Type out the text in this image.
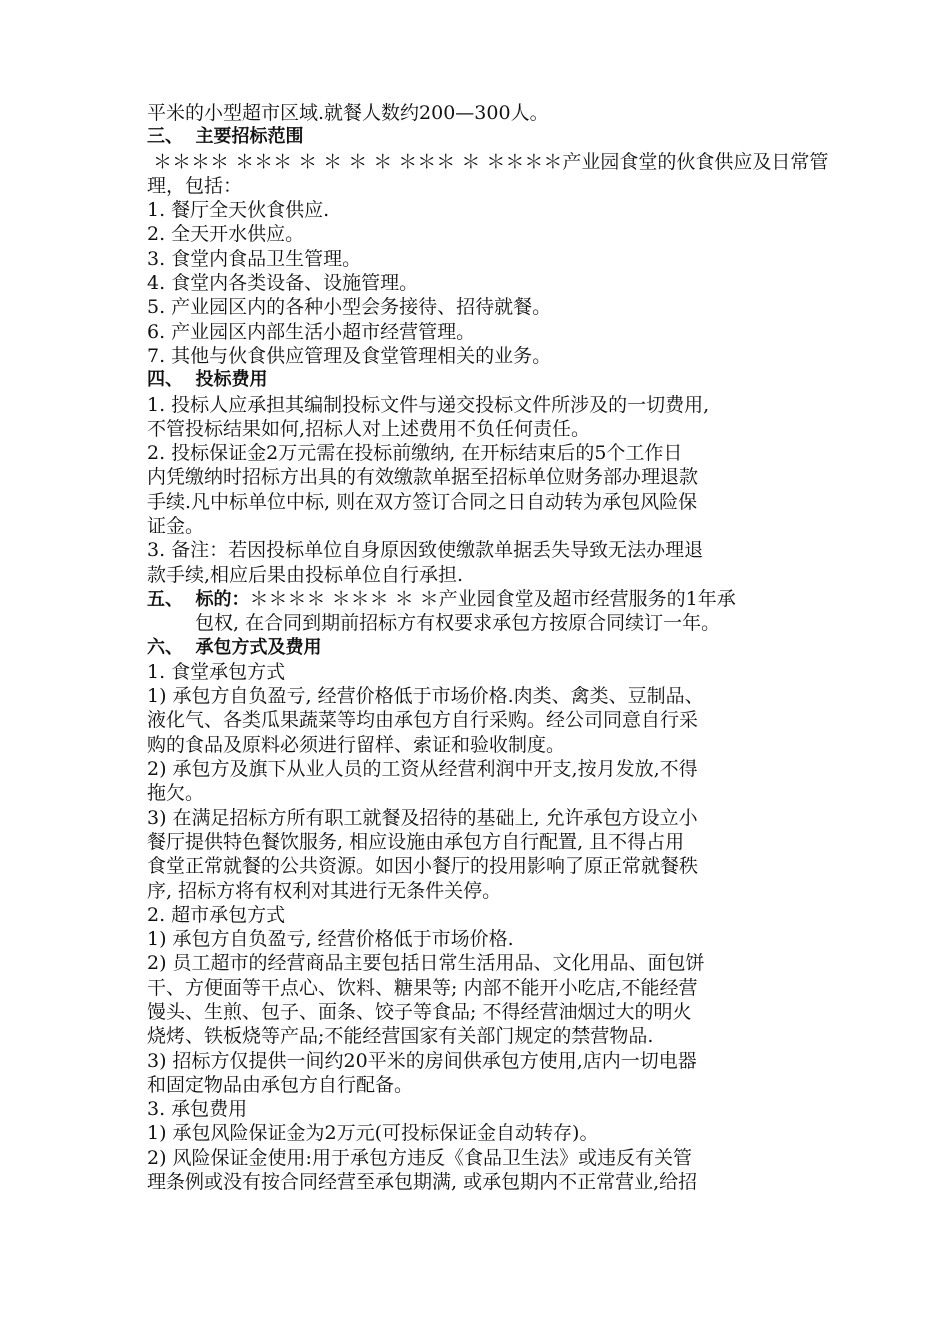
平米的小型超市区域.就餐人数约200—300人。
三、  主要招标范围
＊＊＊＊ ＊＊＊ ＊ ＊ ＊ ＊ ＊＊＊ ＊ ＊＊＊＊产业园食堂的伙食供应及日常管
理，包括：
1. 餐厅全天伙食供应.
2. 全天开水供应。
3. 食堂内食品卫生管理。
4. 食堂内各类设备、设施管理。
5. 产业园区内的各种小型会务接待、招待就餐。
6. 产业园区内部生活小超市经营管理。
7. 其他与伙食供应管理及食堂管理相关的业务。
四、  投标费用
1. 投标人应承担其编制投标文件与递交投标文件所涉及的一切费用,
不管投标结果如何,招标人对上述费用不负任何责任。
2. 投标保证金2万元需在投标前缴纳, 在开标结束后的5个工作日
内凭缴纳时招标方出具的有效缴款单据至招标单位财务部办理退款
手续.凡中标单位中标, 则在双方签订合同之日自动转为承包风险保
证金。
3. 备注：若因投标单位自身原因致使缴款单据丢失导致无法办理退
款手续,相应后果由投标单位自行承担.
五、  标的：＊＊＊＊ ＊＊＊ ＊ ＊产业园食堂及超市经营服务的1年承
包权, 在合同到期前招标方有权要求承包方按原合同续订一年。
六、  承包方式及费用
1. 食堂承包方式
1) 承包方自负盈亏, 经营价格低于市场价格.肉类、禽类、豆制品、
液化气、各类瓜果蔬菜等均由承包方自行采购。经公司同意自行采
购的食品及原料必须进行留样、索证和验收制度。
2) 承包方及旗下从业人员的工资从经营利润中开支,按月发放,不得
拖欠。
3) 在满足招标方所有职工就餐及招待的基础上, 允许承包方设立小
餐厅提供特色餐饮服务, 相应设施由承包方自行配置, 且不得占用
食堂正常就餐的公共资源。如因小餐厅的投用影响了原正常就餐秩
序, 招标方将有权利对其进行无条件关停。
2. 超市承包方式
1) 承包方自负盈亏, 经营价格低于市场价格.
2) 员工超市的经营商品主要包括日常生活用品、文化用品、面包饼
干、方便面等干点心、饮料、糖果等; 内部不能开小吃店,不能经营
馒头、生煎、包子、面条、饺子等食品; 不得经营油烟过大的明火
烧烤、铁板烧等产品;不能经营国家有关部门规定的禁营物品.
3) 招标方仅提供一间约20平米的房间供承包方使用,店内一切电器
和固定物品由承包方自行配备。
3. 承包费用
1) 承包风险保证金为2万元(可投标保证金自动转存)。
2) 风险保证金使用:用于承包方违反《食品卫生法》或违反有关管
理条例或没有按合同经营至承包期满, 或承包期内不正常营业,给招
